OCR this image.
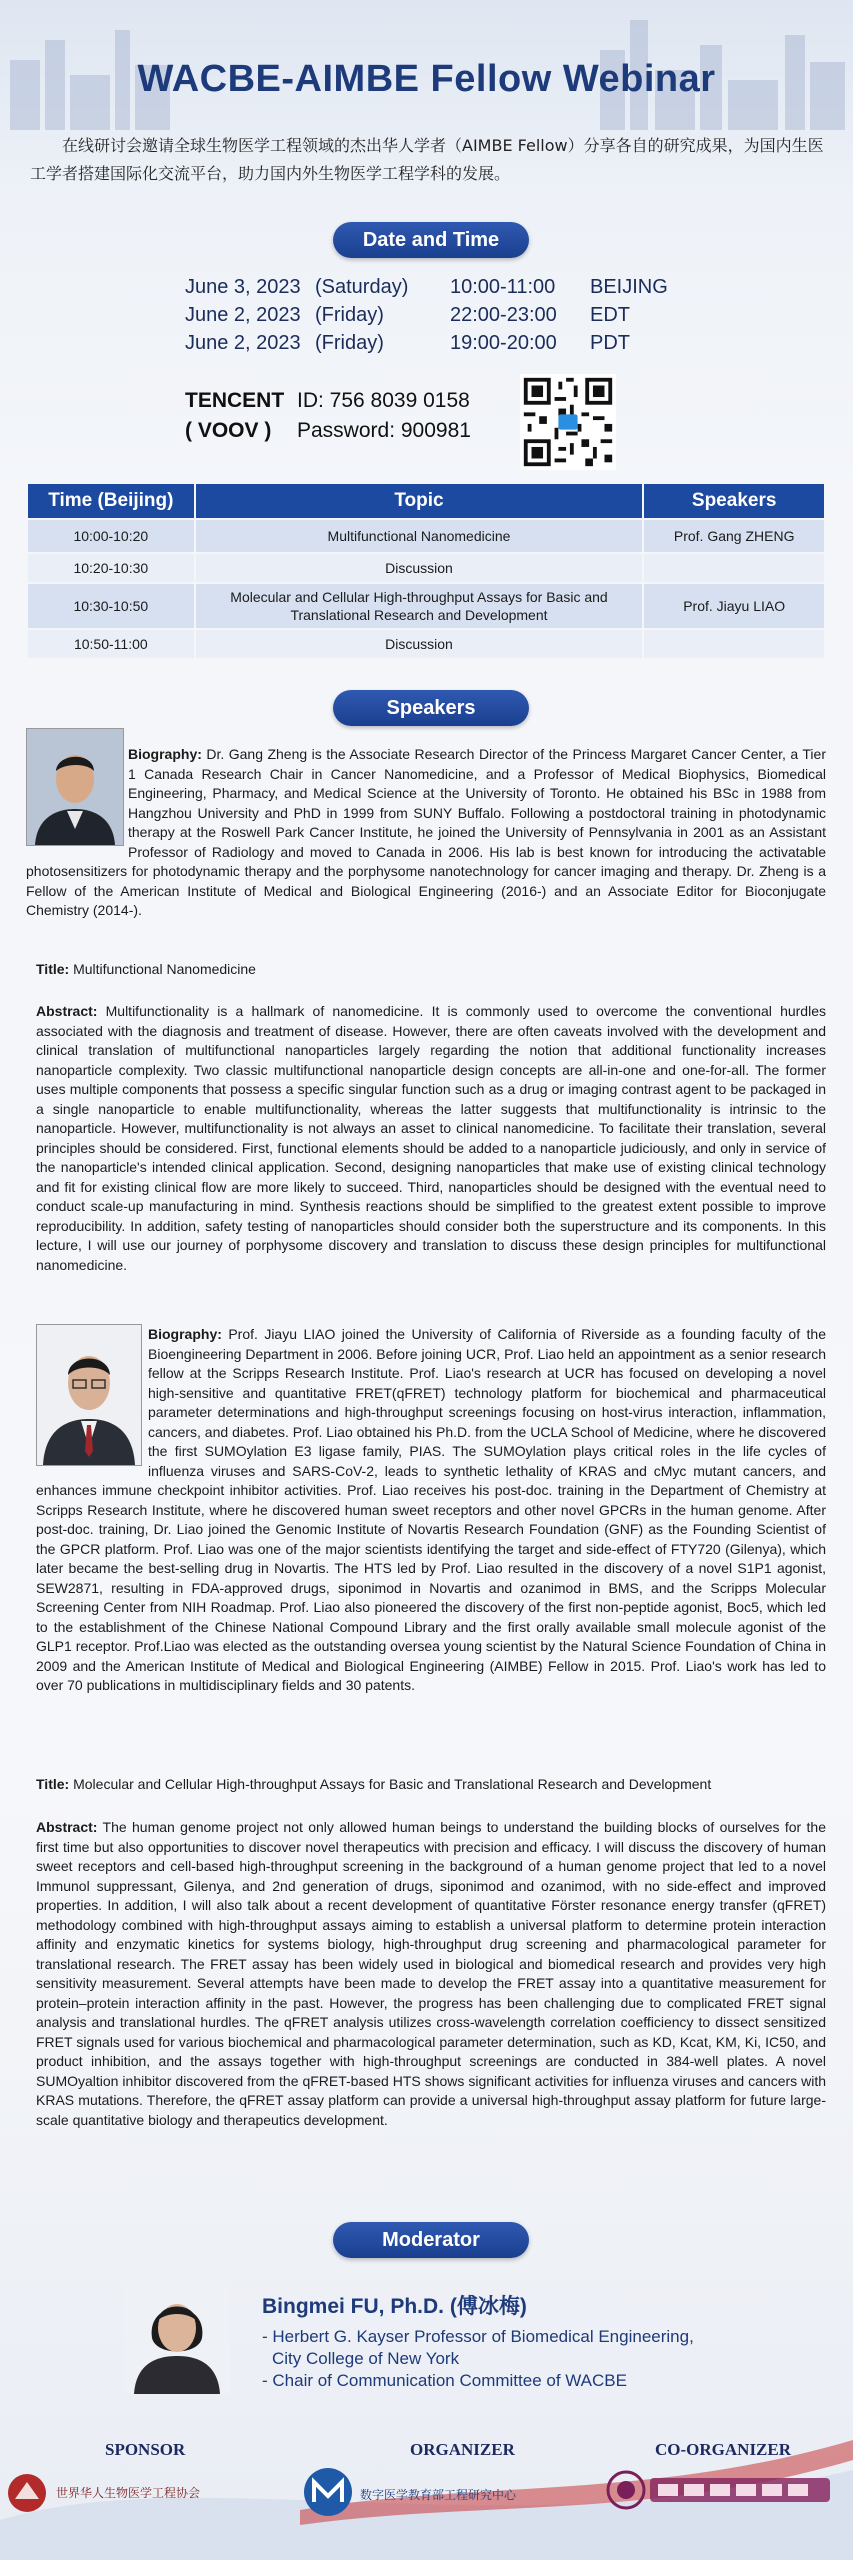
WACBE-AIMBE Fellow Webinar
在线研讨会邀请全球生物医学工程领域的杰出华人学者（AIMBE Fellow）分享各自的研究成果，为国内生医工学者搭建国际化交流平台，助力国内外生物医学工程学科的发展。
Date and Time
June 3, 2023 (Saturday) 10:00-11:00 BEIJING
June 2, 2023 (Friday)	22:00-23:00 EDT
June 2, 2023 (Friday)	19:00-20:00 PDT
TENCENT ID: 756 8039 0158
( VOOV ) Password: 900981
Time (Beijing)	Topic	Speakers
10:00-10:20	Multifunctional Nanomedicine	Prof. Gang ZHENG
10:20-10:30	Discussion	
10:30-10:50	Molecular and Cellular High-throughput Assays for Basic and Translational Research and Development	Prof. Jiayu LIAO
10:50-11:00	Discussion	
Speakers
Biography: Dr. Gang Zheng is the Associate Research Director of the Princess Margaret Cancer Center, a Tier 1 Canada Research Chair in Cancer Nanomedicine, and a Professor of Medical Biophysics, Biomedical Engineering, Pharmacy, and Medical Science at the University of Toronto. He obtained his BSc in 1988 from Hangzhou University and PhD in 1999 from SUNY Buffalo. Following a postdoctoral training in photodynamic therapy at the Roswell Park Cancer Institute, he joined the University of Pennsylvania in 2001 as an Assistant Professor of Radiology and moved to Canada in 2006. His lab is best known for introducing the activatable photosensitizers for photodynamic therapy and the porphysome nanotechnology for cancer imaging and therapy. Dr. Zheng is a Fellow of the American Institute of Medical and Biological Engineering (2016-) and an Associate Editor for Bioconjugate Chemistry (2014-).
Title: Multifunctional Nanomedicine
Abstract: Multifunctionality is a hallmark of nanomedicine. It is commonly used to overcome the conventional hurdles associated with the diagnosis and treatment of disease. However, there are often caveats involved with the development and clinical translation of multifunctional nanoparticles largely regarding the notion that additional functionality increases nanoparticle complexity. Two classic multifunctional nanoparticle design concepts are all-in-one and one-for-all. The former uses multiple components that possess a specific singular function such as a drug or imaging contrast agent to be packaged in a single nanoparticle to enable multifunctionality, whereas the latter suggests that multifunctionality is intrinsic to the nanoparticle. However, multifunctionality is not always an asset to clinical nanomedicine. To facilitate their translation, several principles should be considered. First, functional elements should be added to a nanoparticle judiciously, and only in service of the nanoparticle's intended clinical application. Second, designing nanoparticles that make use of existing clinical technology and fit for existing clinical flow are more likely to succeed. Third, nanoparticles should be designed with the eventual need to conduct scale-up manufacturing in mind. Synthesis reactions should be simplified to the greatest extent possible to improve reproducibility. In addition, safety testing of nanoparticles should consider both the superstructure and its components. In this lecture, I will use our journey of porphysome discovery and translation to discuss these design principles for multifunctional nanomedicine.
Biography: Prof. Jiayu LIAO joined the University of California of Riverside as a founding faculty of the Bioengineering Department in 2006. Before joining UCR, Prof. Liao held an appointment as a senior research fellow at the Scripps Research Institute. Prof. Liao's research at UCR has focused on developing a novel high-sensitive and quantitative FRET(qFRET) technology platform for biochemical and pharmaceutical parameter determinations and high-throughput screenings focusing on host-virus interaction, inflammation, cancers, and diabetes. Prof. Liao obtained his Ph.D. from the UCLA School of Medicine, where he discovered the first SUMOylation E3 ligase family, PIAS. The SUMOylation plays critical roles in the life cycles of influenza viruses and SARS-CoV-2, leads to synthetic lethality of KRAS and cMyc mutant cancers, and enhances immune checkpoint inhibitor activities. Prof. Liao receives his post-doc. training in the Department of Chemistry at Scripps Research Institute, where he discovered human sweet receptors and other novel GPCRs in the human genome. After post-doc. training, Dr. Liao joined the Genomic Institute of Novartis Research Foundation (GNF) as the Founding Scientist of the GPCR platform. Prof. Liao was one of the major scientists identifying the target and side-effect of FTY720 (Gilenya), which later became the best-selling drug in Novartis. The HTS led by Prof. Liao resulted in the discovery of a novel S1P1 agonist, SEW2871, resulting in FDA-approved drugs, siponimod in Novartis and ozanimod in BMS, and the Scripps Molecular Screening Center from NIH Roadmap. Prof. Liao also pioneered the discovery of the first non-peptide agonist, Boc5, which led to the establishment of the Chinese National Compound Library and the first orally available small molecule agonist of the GLP1 receptor. Prof.Liao was elected as the outstanding oversea young scientist by the Natural Science Foundation of China in 2009 and the American Institute of Medical and Biological Engineering (AIMBE) Fellow in 2015. Prof. Liao's work has led to over 70 publications in multidisciplinary fields and 30 patents.
Title: Molecular and Cellular High-throughput Assays for Basic and Translational Research and Development
Abstract: The human genome project not only allowed human beings to understand the building blocks of ourselves for the first time but also opportunities to discover novel therapeutics with precision and efficacy. I will discuss the discovery of human sweet receptors and cell-based high-throughput screening in the background of a human genome project that led to a novel Immunol suppressant, Gilenya, and 2nd generation of drugs, siponimod and ozanimod, with no side-effect and improved properties. In addition, I will also talk about a recent development of quantitative Förster resonance energy transfer (qFRET) methodology combined with high-throughput assays aiming to establish a universal platform to determine protein interaction affinity and enzymatic kinetics for systems biology, high-throughput drug screening and pharmacological parameter for translational research. The FRET assay has been widely used in biological and biomedical research and provides very high sensitivity measurement. Several attempts have been made to develop the FRET assay into a quantitative measurement for protein–protein interaction affinity in the past. However, the progress has been challenging due to complicated FRET signal analysis and translational hurdles. The qFRET analysis utilizes cross-wavelength correlation coefficiency to dissect sensitized FRET signals used for various biochemical and pharmacological parameter determination, such as KD, Kcat, KM, Ki, IC50, and product inhibition, and the assays together with high-throughput screenings are conducted in 384-well plates. A novel SUMOyaltion inhibitor discovered from the qFRET-based HTS shows significant activities for influenza viruses and cancers with KRAS mutations. Therefore, the qFRET assay platform can provide a universal high-throughput assay platform for future large-scale quantitative biology and therapeutics development.
Moderator
Bingmei FU, Ph.D. (傅冰梅)
- Herbert G. Kayser Professor of Biomedical Engineering,
City College of New York
- Chair of Communication Committee of WACBE
SPONSOR	ORGANIZER	CO-ORGANIZER
世界华人生物医学工程协会	数字医学教育部工程研究中心
